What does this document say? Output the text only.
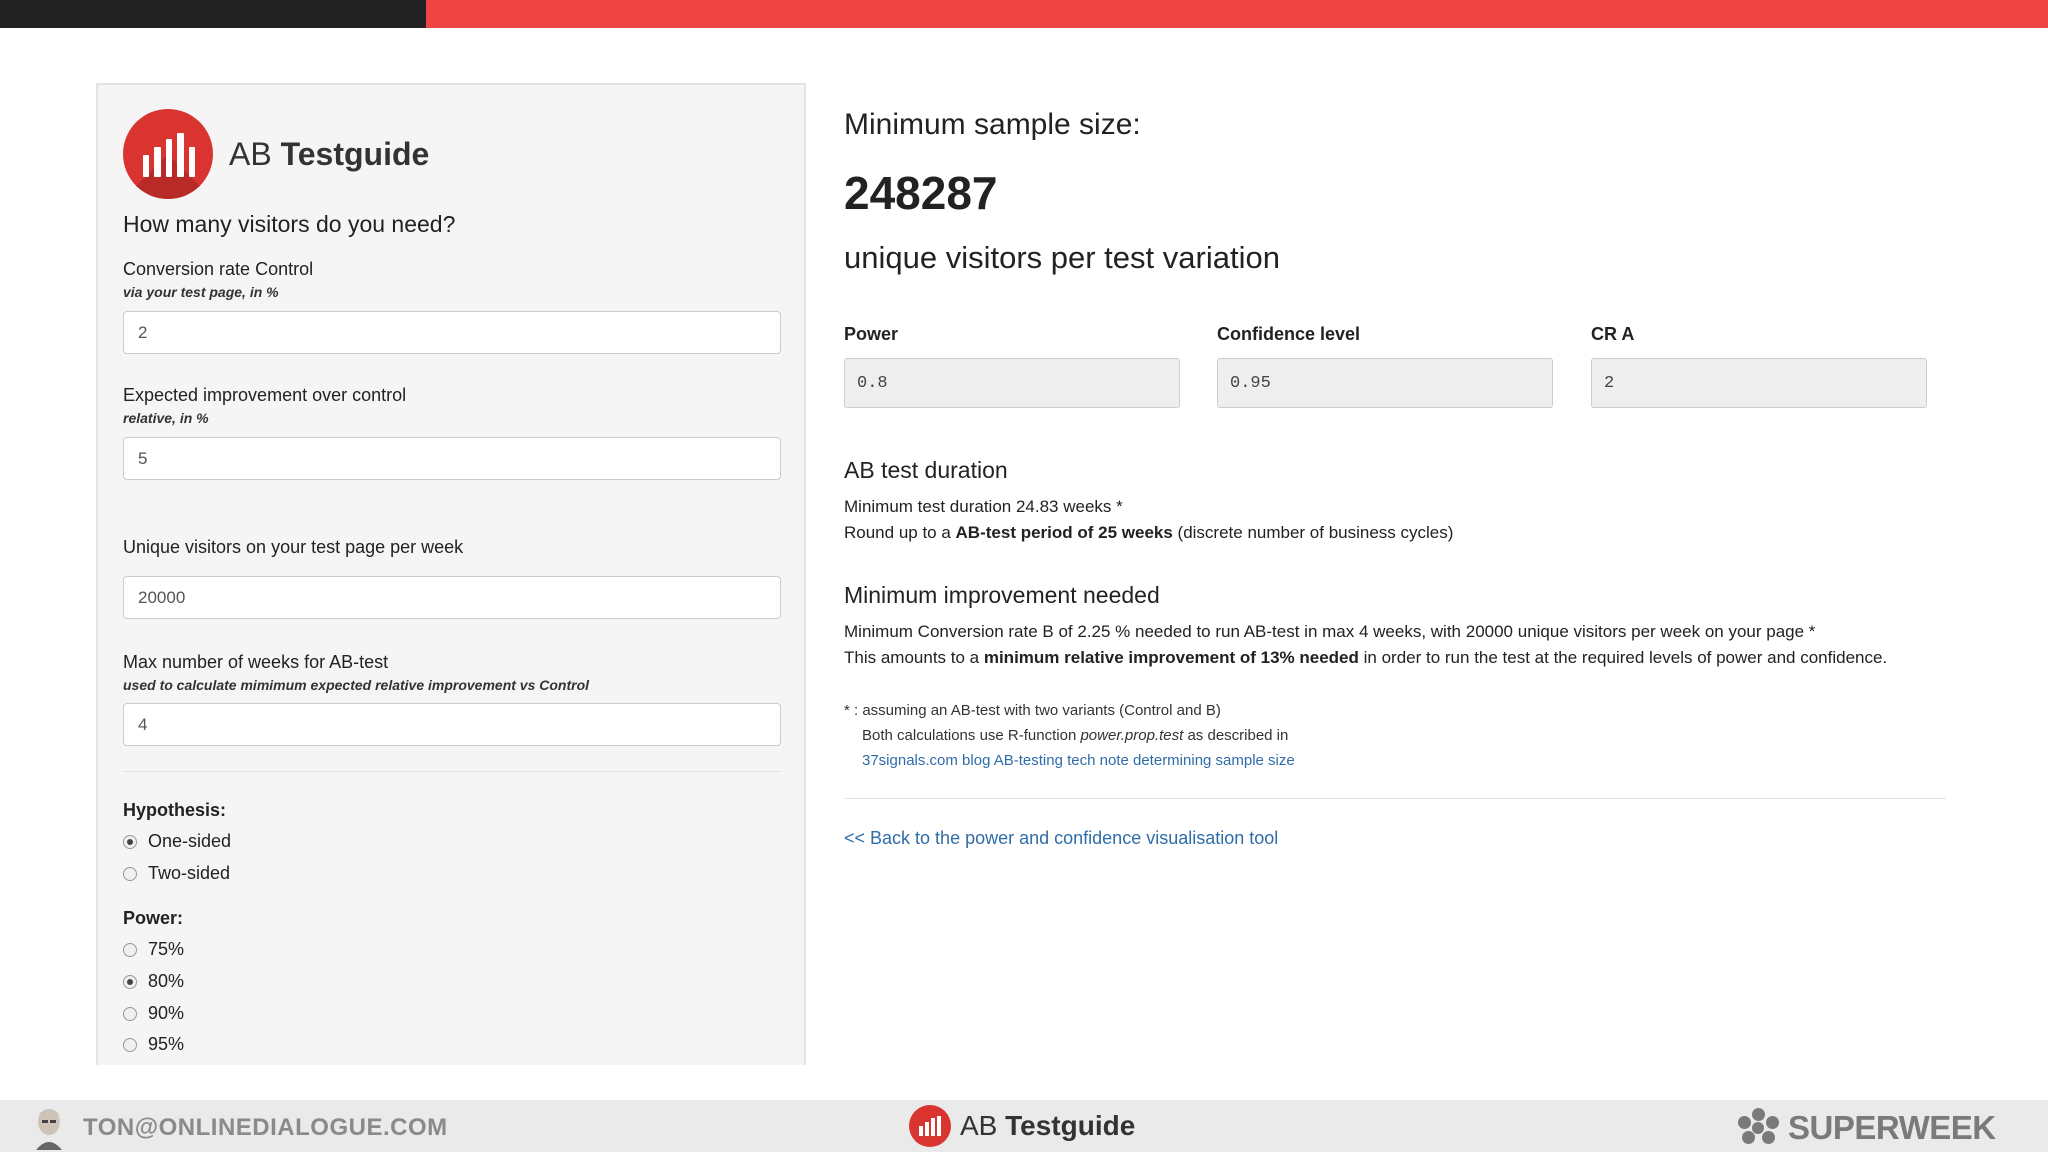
AB Testguide
How many visitors do you need?
Conversion rate Control
via your test page, in %
2
Expected improvement over control
relative, in %
5
Unique visitors on your test page per week
20000
Max number of weeks for AB-test
used to calculate mimimum expected relative improvement vs Control
4
Hypothesis:
One-sided
Two-sided
Power:
75%
80%
90%
95%
Minimum sample size:
248287
unique visitors per test variation
Power
0.8
Confidence level
0.95
CR A
2
AB test duration
Minimum test duration 24.83 weeks *
Round up to a AB-test period of 25 weeks (discrete number of business cycles)
Minimum improvement needed
Minimum Conversion rate B of 2.25 % needed to run AB-test in max 4 weeks, with 20000 unique visitors per week on your page *
This amounts to a minimum relative improvement of 13% needed in order to run the test at the required levels of power and confidence.
* : assuming an AB-test with two variants (Control and B)
Both calculations use R-function power.prop.test as described in
37signals.com blog AB-testing tech note determining sample size
<< Back to the power and confidence visualisation tool
TON@ONLINEDIALOGUE.COM	AB Testguide	SUPERWEEK
